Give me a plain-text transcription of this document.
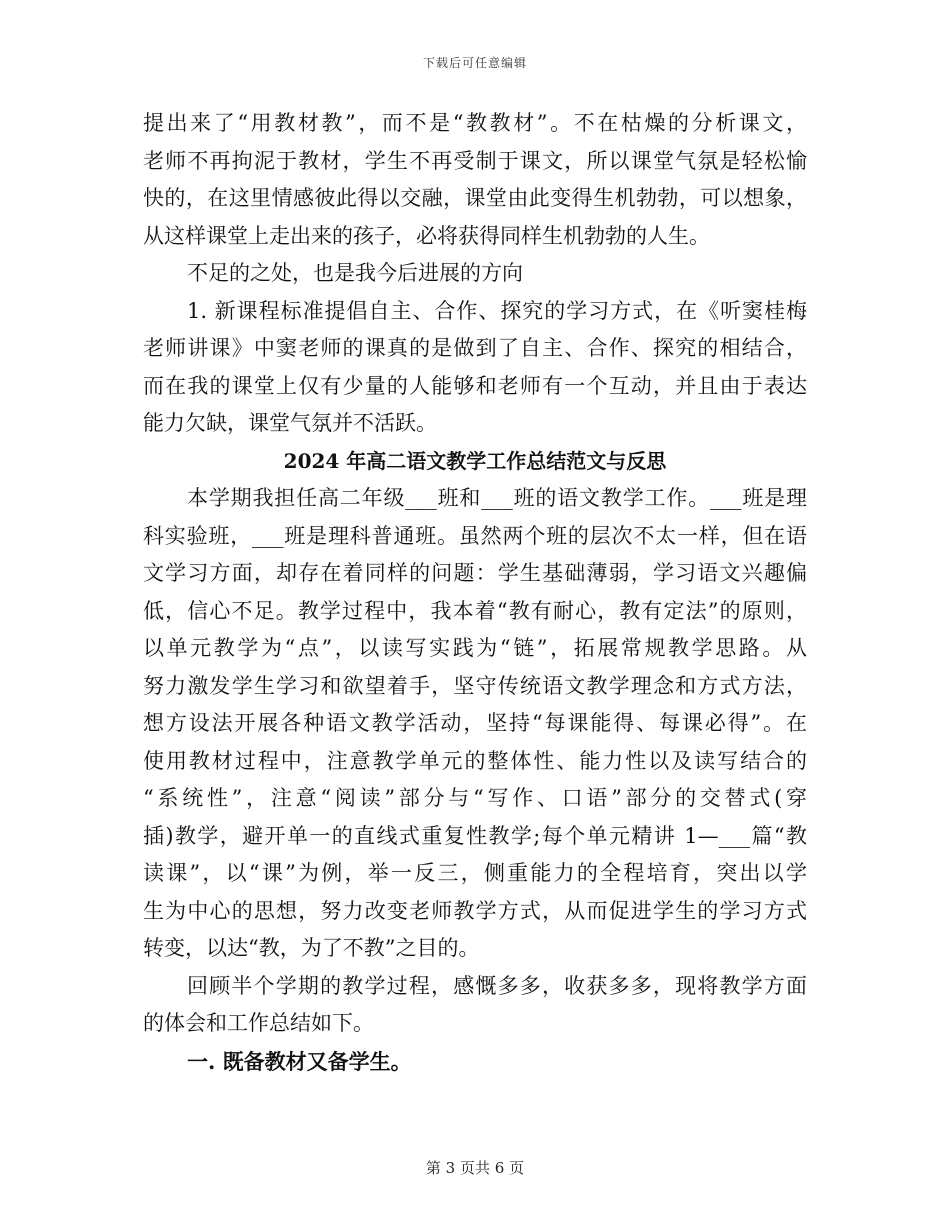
下载后可任意编辑
提出来了“用教材教”，而不是“教教材”。不在枯燥的分析课文，
老师不再拘泥于教材，学生不再受制于课文，所以课堂气氛是轻松愉
快的，在这里情感彼此得以交融，课堂由此变得生机勃勃，可以想象，
从这样课堂上走出来的孩子，必将获得同样生机勃勃的人生。
不足的之处，也是我今后进展的方向
1. 新课程标准提倡自主、合作、探究的学习方式，在《听窦桂梅
老师讲课》中窦老师的课真的是做到了自主、合作、探究的相结合，
而在我的课堂上仅有少量的人能够和老师有一个互动，并且由于表达
能力欠缺，课堂气氛并不活跃。
2024 年高二语文教学工作总结范文与反思
本学期我担任高二年级___班和___班的语文教学工作。___班是理
科实验班，___班是理科普通班。虽然两个班的层次不太一样，但在语
文学习方面，却存在着同样的问题：学生基础薄弱，学习语文兴趣偏
低，信心不足。教学过程中，我本着“教有耐心，教有定法”的原则，
以单元教学为“点”，以读写实践为“链”，拓展常规教学思路。从
努力激发学生学习和欲望着手，坚守传统语文教学理念和方式方法，
想方设法开展各种语文教学活动，坚持“每课能得、每课必得”。在
使用教材过程中，注意教学单元的整体性、能力性以及读写结合的
“系统性”，注意“阅读”部分与“写作、口语”部分的交替式(穿
插)教学，避开单一的直线式重复性教学;每个单元精讲 1—___篇“教
读课”，以“课”为例，举一反三，侧重能力的全程培育，突出以学
生为中心的思想，努力改变老师教学方式，从而促进学生的学习方式
转变，以达“教，为了不教”之目的。
回顾半个学期的教学过程，感慨多多，收获多多，现将教学方面
的体会和工作总结如下。
一. 既备教材又备学生。
第 3 页共 6 页
